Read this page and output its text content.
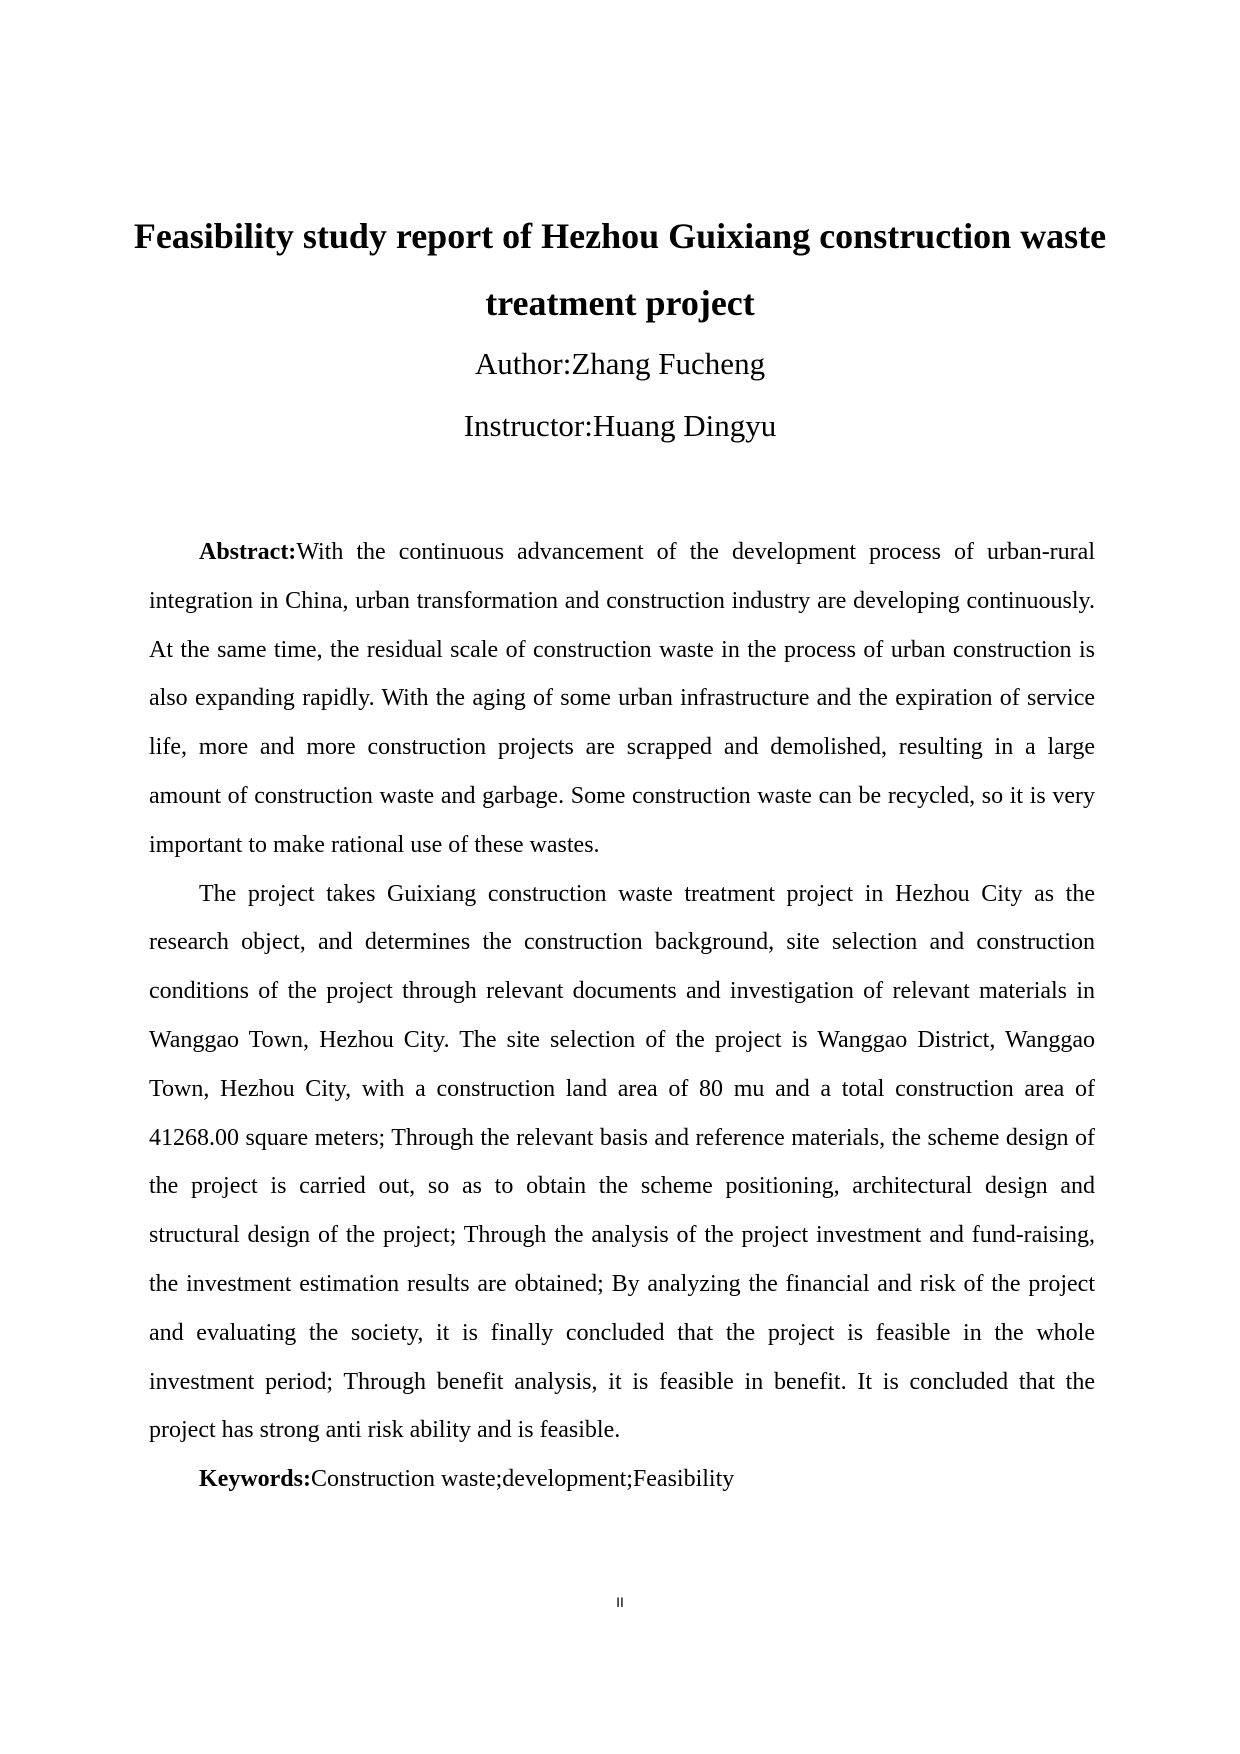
Feasibility study report of Hezhou Guixiang construction waste treatment project
Author:Zhang Fucheng
Instructor:Huang Dingyu

Abstract:With the continuous advancement of the development process of urban-rural integration in China, urban transformation and construction industry are developing continuously. At the same time, the residual scale of construction waste in the process of urban construction is also expanding rapidly. With the aging of some urban infrastructure and the expiration of service life, more and more construction projects are scrapped and demolished, resulting in a large amount of construction waste and garbage. Some construction waste can be recycled, so it is very important to make rational use of these wastes.

The project takes Guixiang construction waste treatment project in Hezhou City as the research object, and determines the construction background, site selection and construction conditions of the project through relevant documents and investigation of relevant materials in Wanggao Town, Hezhou City. The site selection of the project is Wanggao District, Wanggao Town, Hezhou City, with a construction land area of 80 mu and a total construction area of 41268.00 square meters; Through the relevant basis and reference materials, the scheme design of the project is carried out, so as to obtain the scheme positioning, architectural design and structural design of the project; Through the analysis of the project investment and fund-raising, the investment estimation results are obtained; By analyzing the financial and risk of the project and evaluating the society, it is finally concluded that the project is feasible in the whole investment period; Through benefit analysis, it is feasible in benefit. It is concluded that the project has strong anti risk ability and is feasible.

Keywords:Construction waste;development;Feasibility

II
